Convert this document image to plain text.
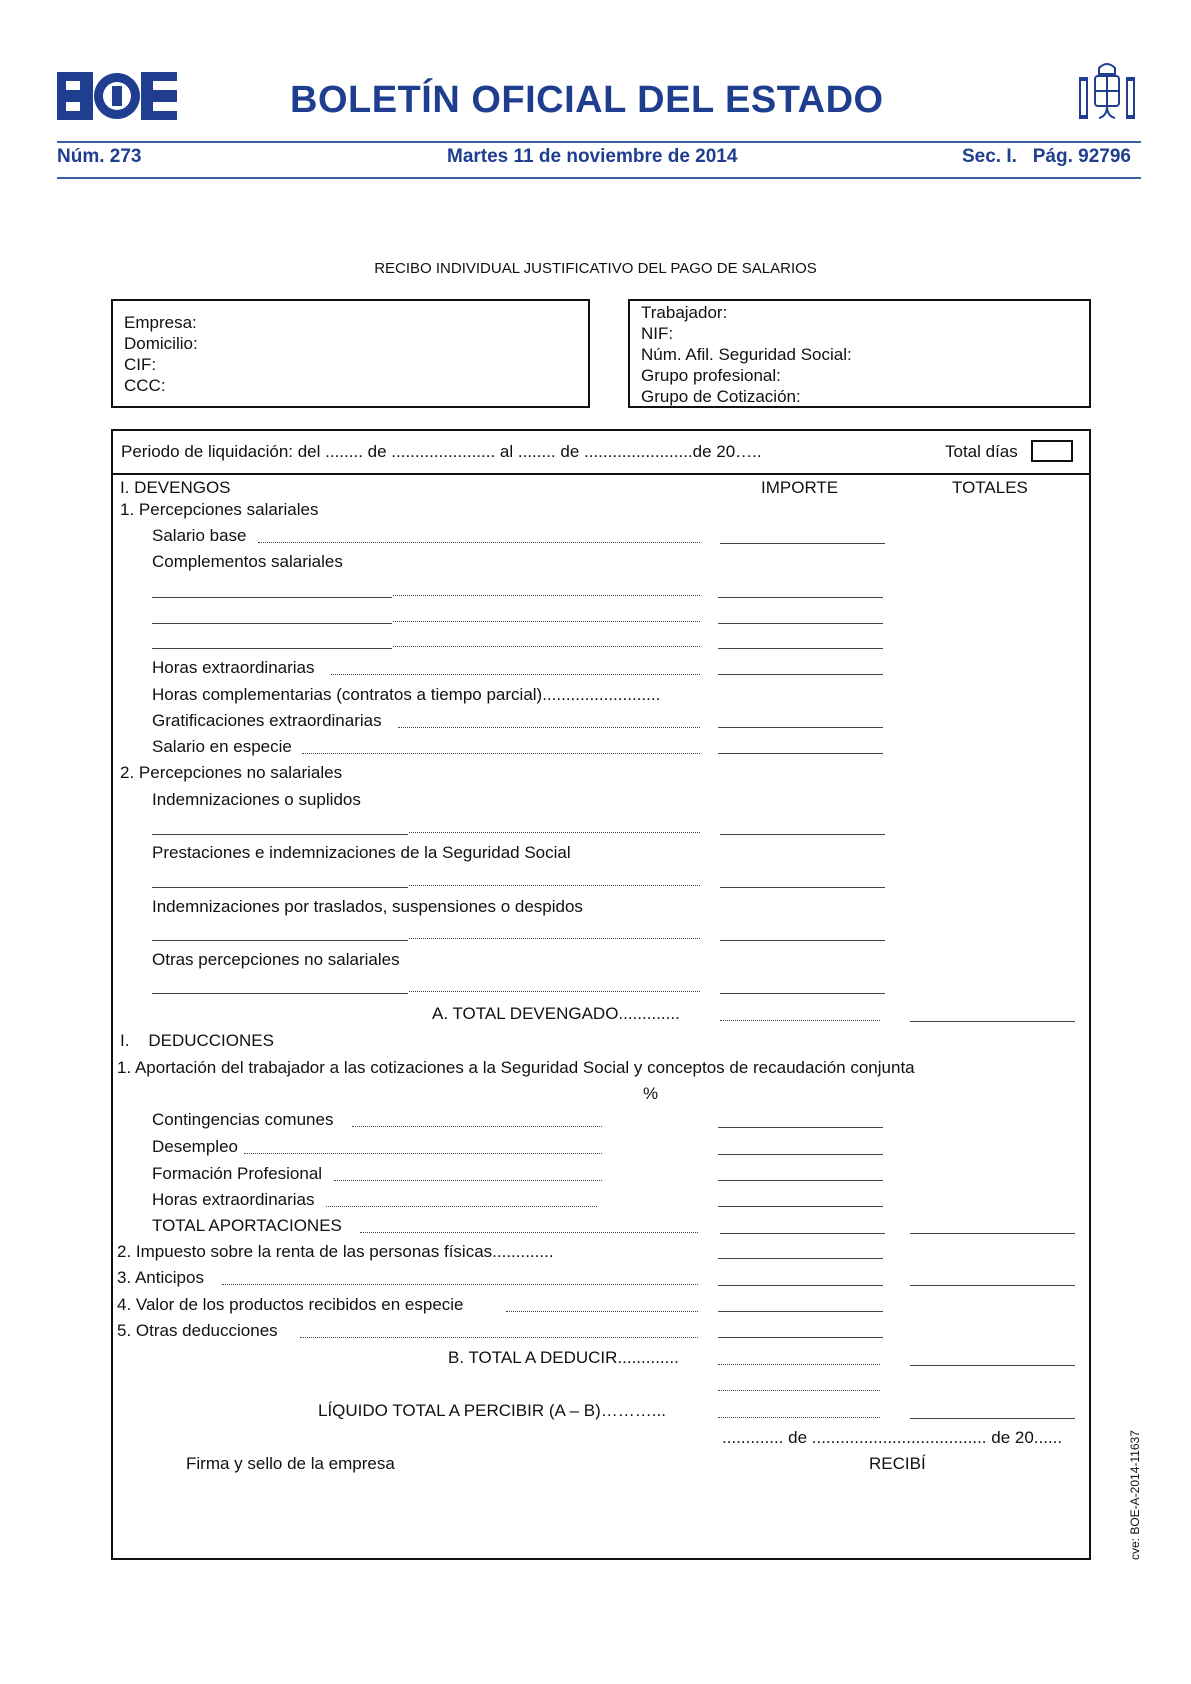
BOLETÍN OFICIAL DEL ESTADO
Núm. 273	Martes 11 de noviembre de 2014	Sec. I.   Pág. 92796
RECIBO INDIVIDUAL JUSTIFICATIVO DEL PAGO DE SALARIOS
Empresa:
Domicilio:
CIF:
CCC:
Trabajador:
NIF:
Núm. Afil. Seguridad Social:
Grupo profesional:
Grupo de Cotización:
Periodo de liquidación: del ........ de ...................... al ........ de .......................de 20…..	Total días
I. DEVENGOS	IMPORTE	TOTALES
1. Percepciones salariales
Salario base
Complementos salariales
Horas extraordinarias
Horas complementarias (contratos a tiempo parcial).........................
Gratificaciones extraordinarias
Salario en especie
2. Percepciones no salariales
Indemnizaciones o suplidos
Prestaciones e indemnizaciones de la Seguridad Social
Indemnizaciones por traslados, suspensiones o despidos
Otras percepciones no salariales
A. TOTAL DEVENGADO.............
I.    DEDUCCIONES
1. Aportación del trabajador a las cotizaciones a la Seguridad Social y conceptos de recaudación conjunta
%
Contingencias comunes
Desempleo
Formación Profesional
Horas extraordinarias
TOTAL APORTACIONES
2. Impuesto sobre la renta de las personas físicas.............
3. Anticipos
4. Valor de los productos recibidos en especie
5. Otras deducciones
B. TOTAL A DEDUCIR.............
LÍQUIDO TOTAL A PERCIBIR (A – B)………...
............. de ..................................... de 20......
Firma y sello de la empresa	RECIBÍ	cve: BOE-A-2014-11637
